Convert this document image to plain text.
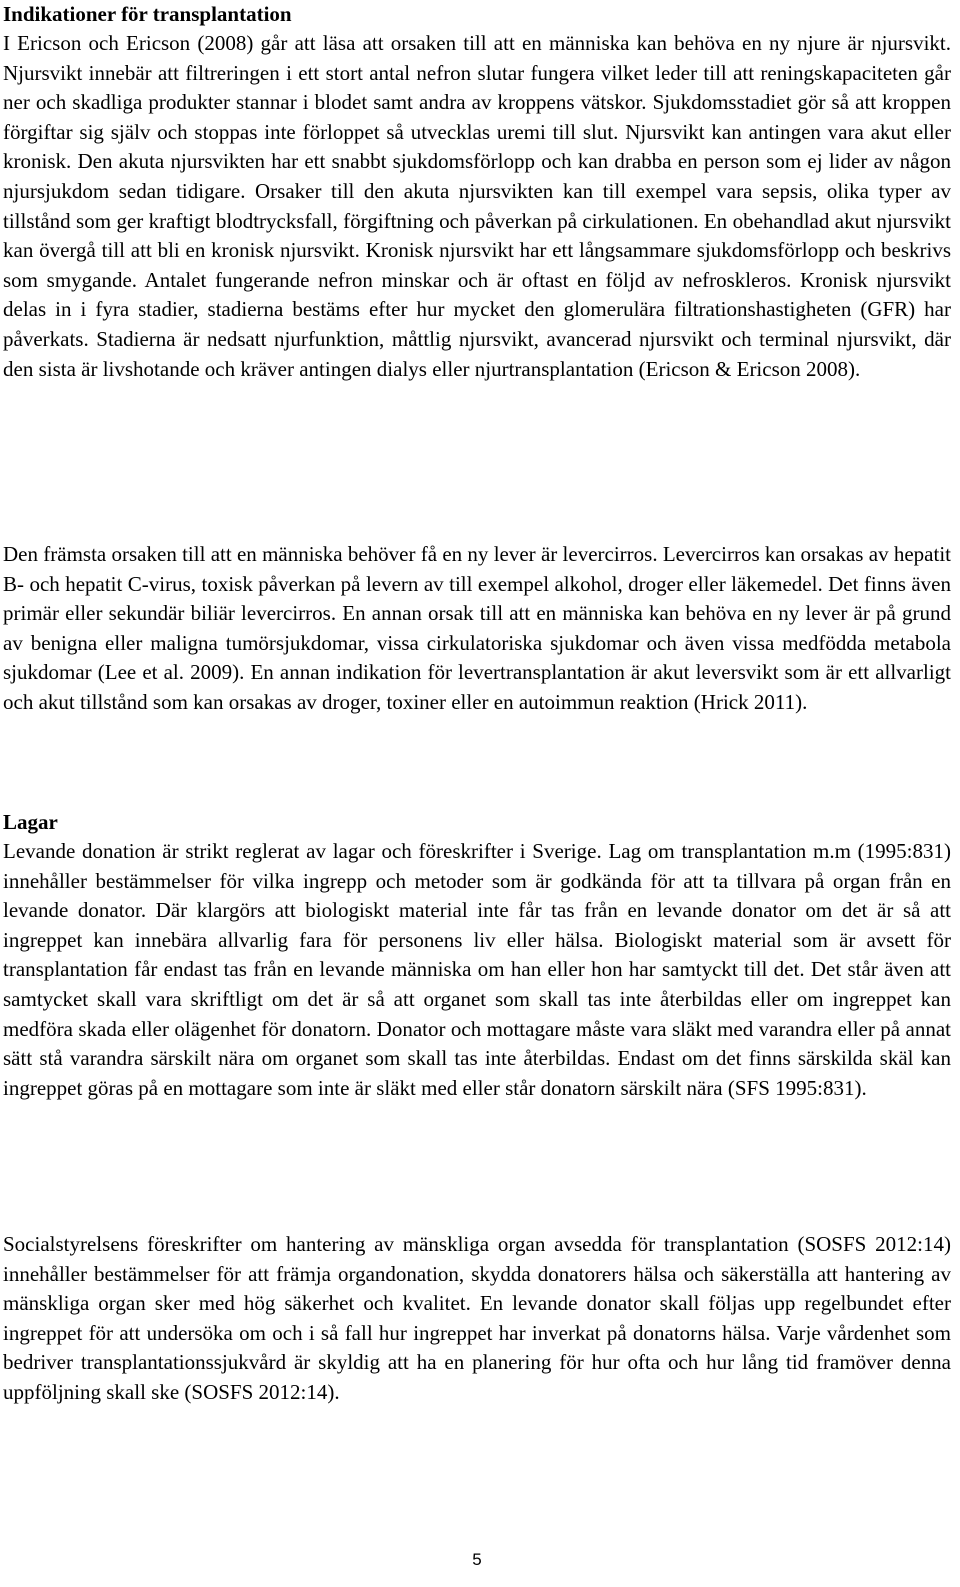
Indikationer för transplantation

I Ericson och Ericson (2008) går att läsa att orsaken till att en människa kan behöva en ny njure är njursvikt. Njursvikt innebär att filtreringen i ett stort antal nefron slutar fungera vilket leder till att reningskapaciteten går ner och skadliga produkter stannar i blodet samt andra av kroppens vätskor. Sjukdomsstadiet gör så att kroppen förgiftar sig själv och stoppas inte förloppet så utvecklas uremi till slut. Njursvikt kan antingen vara akut eller kronisk. Den akuta njursvikten har ett snabbt sjukdomsförlopp och kan drabba en person som ej lider av någon njursjukdom sedan tidigare. Orsaker till den akuta njursvikten kan till exempel vara sepsis, olika typer av tillstånd som ger kraftigt blodtrycksfall, förgiftning och påverkan på cirkulationen. En obehandlad akut njursvikt kan övergå till att bli en kronisk njursvikt. Kronisk njursvikt har ett långsammare sjukdomsförlopp och beskrivs som smygande. Antalet fungerande nefron minskar och är oftast en följd av nefroskleros. Kronisk njursvikt delas in i fyra stadier, stadierna bestäms efter hur mycket den glomerulära filtrationshastigheten (GFR) har påverkats. Stadierna är nedsatt njurfunktion, måttlig njursvikt, avancerad njursvikt och terminal njursvikt, där den sista är livshotande och kräver antingen dialys eller njurtransplantation (Ericson & Ericson 2008).

Den främsta orsaken till att en människa behöver få en ny lever är levercirros. Levercirros kan orsakas av hepatit B- och hepatit C-virus, toxisk påverkan på levern av till exempel alkohol, droger eller läkemedel. Det finns även primär eller sekundär biliär levercirros. En annan orsak till att en människa kan behöva en ny lever är på grund av benigna eller maligna tumörsjukdomar, vissa cirkulatoriska sjukdomar och även vissa medfödda metabola sjukdomar (Lee et al. 2009). En annan indikation för levertransplantation är akut leversvikt som är ett allvarligt och akut tillstånd som kan orsakas av droger, toxiner eller en autoimmun reaktion (Hrick 2011).

Lagar

Levande donation är strikt reglerat av lagar och föreskrifter i Sverige. Lag om transplantation m.m (1995:831) innehåller bestämmelser för vilka ingrepp och metoder som är godkända för att ta tillvara på organ från en levande donator. Där klargörs att biologiskt material inte får tas från en levande donator om det är så att ingreppet kan innebära allvarlig fara för personens liv eller hälsa. Biologiskt material som är avsett för transplantation får endast tas från en levande människa om han eller hon har samtyckt till det. Det står även att samtycket skall vara skriftligt om det är så att organet som skall tas inte återbildas eller om ingreppet kan medföra skada eller olägenhet för donatorn. Donator och mottagare måste vara släkt med varandra eller på annat sätt stå varandra särskilt nära om organet som skall tas inte återbildas. Endast om det finns särskilda skäl kan ingreppet göras på en mottagare som inte är släkt med eller står donatorn särskilt nära (SFS 1995:831).

Socialstyrelsens föreskrifter om hantering av mänskliga organ avsedda för transplantation (SOSFS 2012:14) innehåller bestämmelser för att främja organdonation, skydda donatorers hälsa och säkerställa att hantering av mänskliga organ sker med hög säkerhet och kvalitet. En levande donator skall följas upp regelbundet efter ingreppet för att undersöka om och i så fall hur ingreppet har inverkat på donatorns hälsa. Varje vårdenhet som bedriver transplantationssjukvård är skyldig att ha en planering för hur ofta och hur lång tid framöver denna uppföljning skall ske (SOSFS 2012:14).

5
